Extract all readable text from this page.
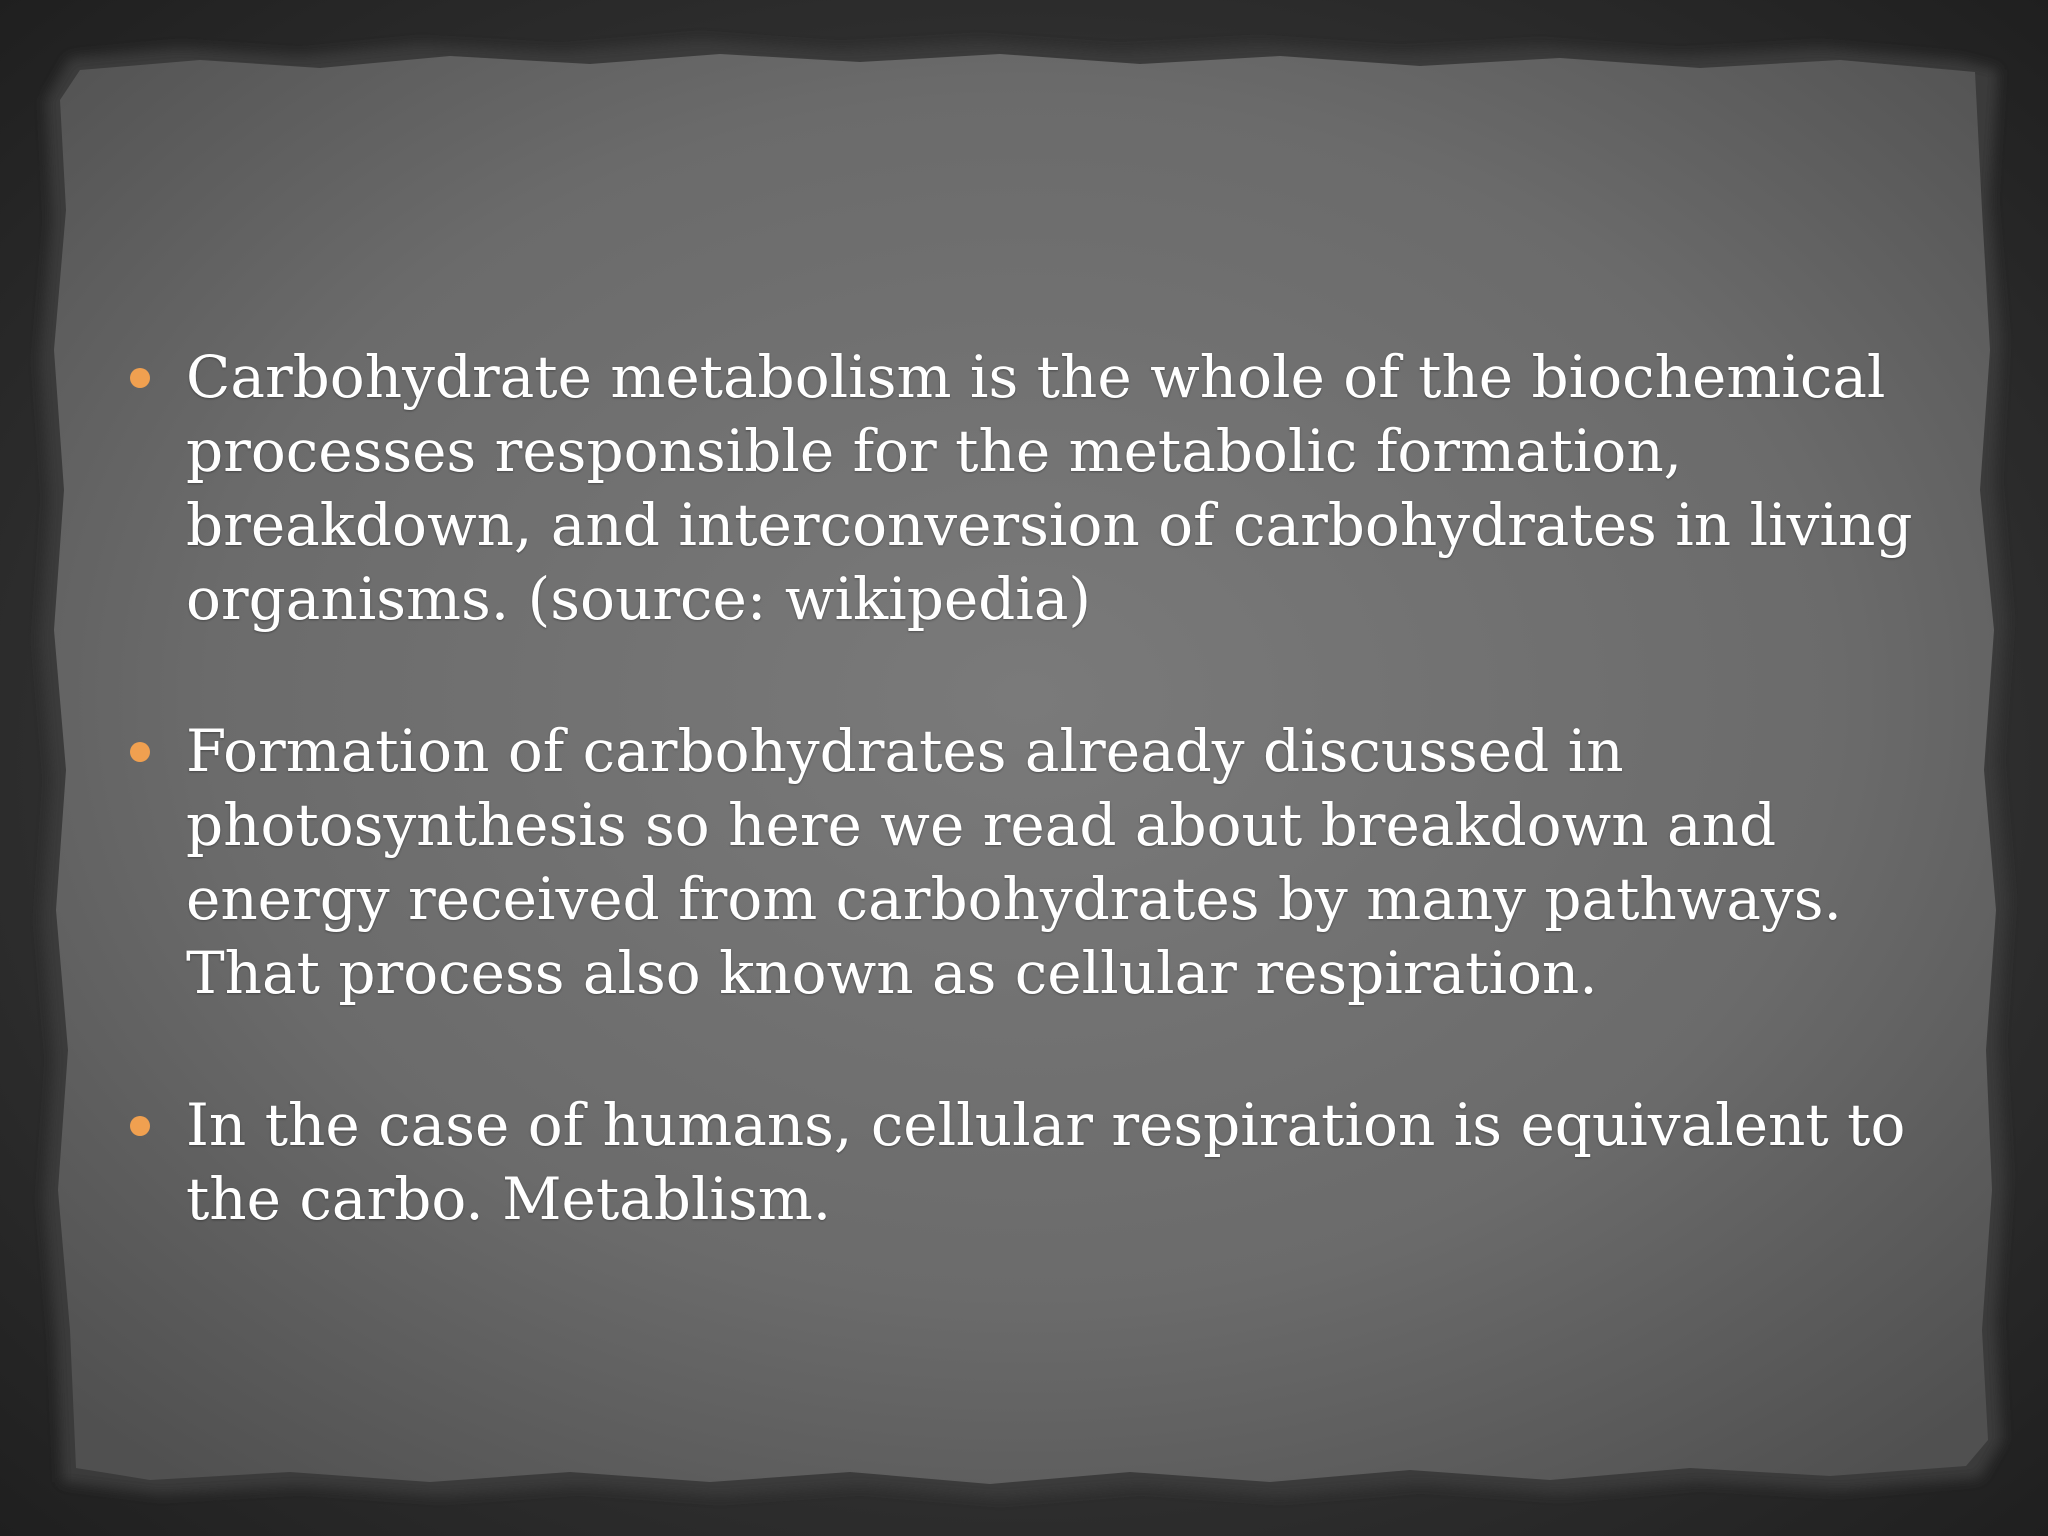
Carbohydrate metabolism is the whole of the biochemical processes responsible for the metabolic formation, breakdown, and interconversion of carbohydrates in living organisms. (source: wikipedia)
Formation of carbohydrates already discussed in photosynthesis so here we read about breakdown and energy received from carbohydrates by many pathways. That process also known as cellular respiration.
In the case of humans, cellular respiration is equivalent to the carbo. Metablism.
